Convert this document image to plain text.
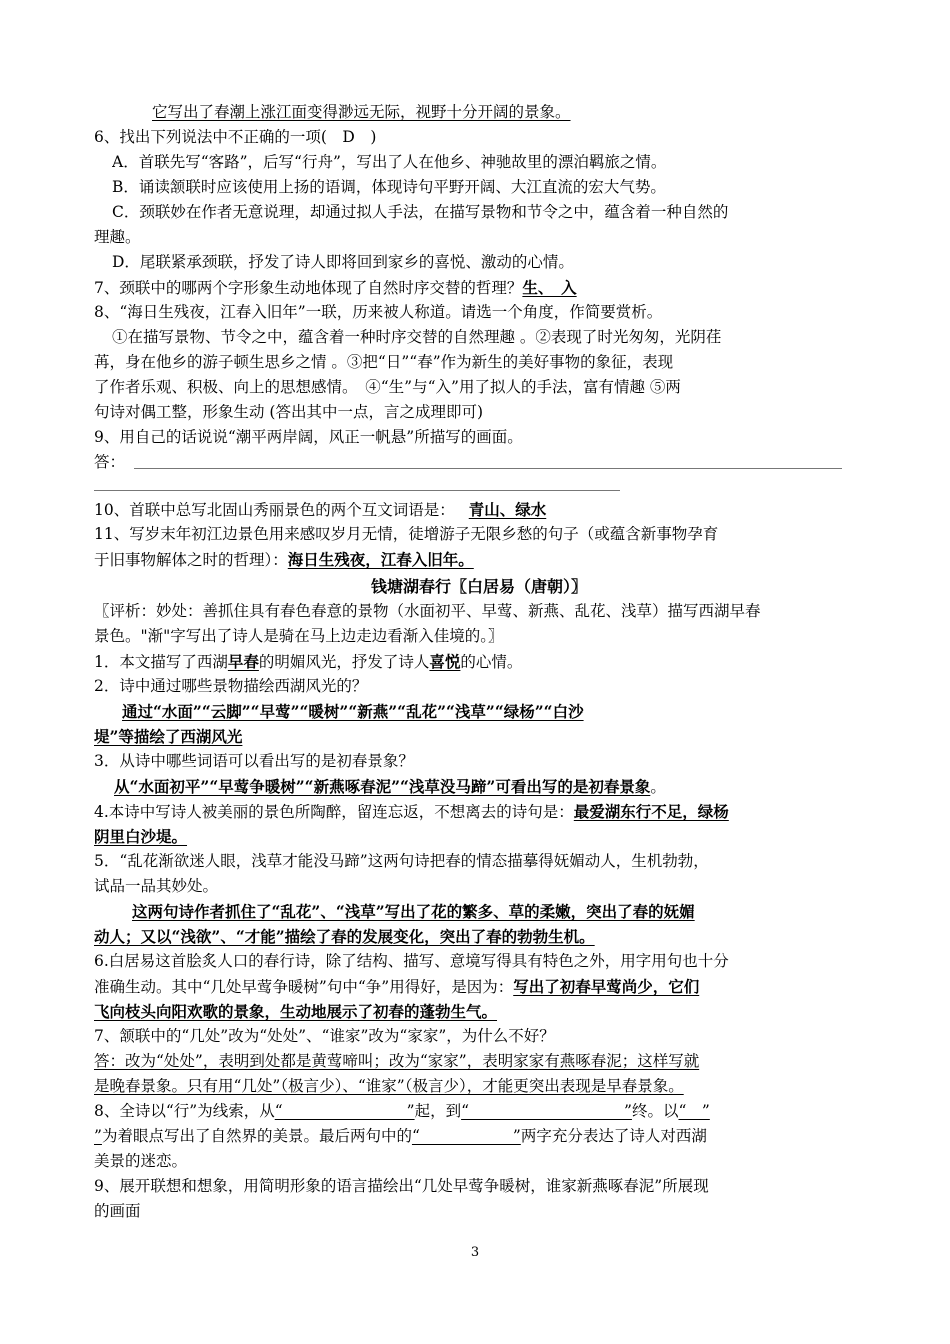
它写出了春潮上涨江面变得渺远无际，视野十分开阔的景象。
6、找出下列说法中不正确的一项(　D　)
A．首联先写“客路”，后写“行舟”，写出了人在他乡、神驰故里的漂泊羁旅之情。
B．诵读颔联时应该使用上扬的语调，体现诗句平野开阔、大江直流的宏大气势。
C．颈联妙在作者无意说理，却通过拟人手法，在描写景物和节令之中，蕴含着一种自然的
理趣。
D．尾联紧承颈联，抒发了诗人即将回到家乡的喜悦、激动的心情。
7、颈联中的哪两个字形象生动地体现了自然时序交替的哲理？生、　入
8、“海日生残夜，江春入旧年”一联，历来被人称道。请选一个角度，作简要赏析。
①在描写景物、节令之中，蕴含着一种时序交替的自然理趣 。②表现了时光匆匆，光阴荏
苒，身在他乡的游子顿生思乡之情 。③把“日”“春”作为新生的美好事物的象征，表现
了作者乐观、积极、向上的思想感情。　④“生”与“入”用了拟人的手法，富有情趣 ⑤两
句诗对偶工整，形象生动 (答出其中一点，言之成理即可)
9、用自己的话说说“潮平两岸阔，风正一帆悬”所描写的画面。
答：
10、首联中总写北固山秀丽景色的两个互文词语是： 青山、绿水
11、写岁末年初江边景色用来感叹岁月无情，徒增游子无限乡愁的句子（或蕴含新事物孕育
于旧事物解体之时的哲理）：海日生残夜，江春入旧年。
钱塘湖春行〖白居易（唐朝）〗
〖评析：妙处：善抓住具有春色春意的景物（水面初平、早莺、新燕、乱花、浅草）描写西湖早春
景色。"渐"字写出了诗人是骑在马上边走边看渐入佳境的。〗
1．本文描写了西湖早春的明媚风光，抒发了诗人喜悦的心情。
2．诗中通过哪些景物描绘西湖风光的？
通过“水面”“云脚”“早莺”“暖树”“新燕”“乱花”“浅草”“绿杨”“白沙
堤”等描绘了西湖风光
3．从诗中哪些词语可以看出写的是初春景象？
从“水面初平”“早莺争暖树”“新燕啄春泥”“浅草没马蹄”可看出写的是初春景象。
4.本诗中写诗人被美丽的景色所陶醉，留连忘返，不想离去的诗句是：最爱湖东行不足，绿杨
阴里白沙堤。
5．“乱花渐欲迷人眼，浅草才能没马蹄”这两句诗把春的情态描摹得妩媚动人，生机勃勃，
试品一品其妙处。
这两句诗作者抓住了“乱花”、“浅草”写出了花的繁多、草的柔嫩，突出了春的妩媚
动人；又以“浅欲”、“才能”描绘了春的发展变化，突出了春的勃勃生机。
6.白居易这首脍炙人口的春行诗，除了结构、描写、意境写得具有特色之外，用字用句也十分
准确生动。其中“几处早莺争暖树”句中“争”用得好，是因为：写出了初春早莺尚少，它们
飞向枝头向阳欢歌的景象，生动地展示了初春的蓬勃生气。
7、颔联中的“几处”改为“处处”、“谁家”改为“家家”，为什么不好？
答：改为“处处”，表明到处都是黄莺啼叫；改为“家家”，表明家家有燕啄春泥；这样写就
是晚春景象。只有用“几处”（极言少）、“谁家”（极言少），才能更突出表现是早春景象。
8、全诗以“行”为线索，从“　　　　　　　　”起，到“　　　　　　　　　　”终。以“　”
”为着眼点写出了自然界的美景。最后两句中的“　　　　　　”两字充分表达了诗人对西湖
美景的迷恋。
9、展开联想和想象，用简明形象的语言描绘出“几处早莺争暖树，谁家新燕啄春泥”所展现
的画面
3
